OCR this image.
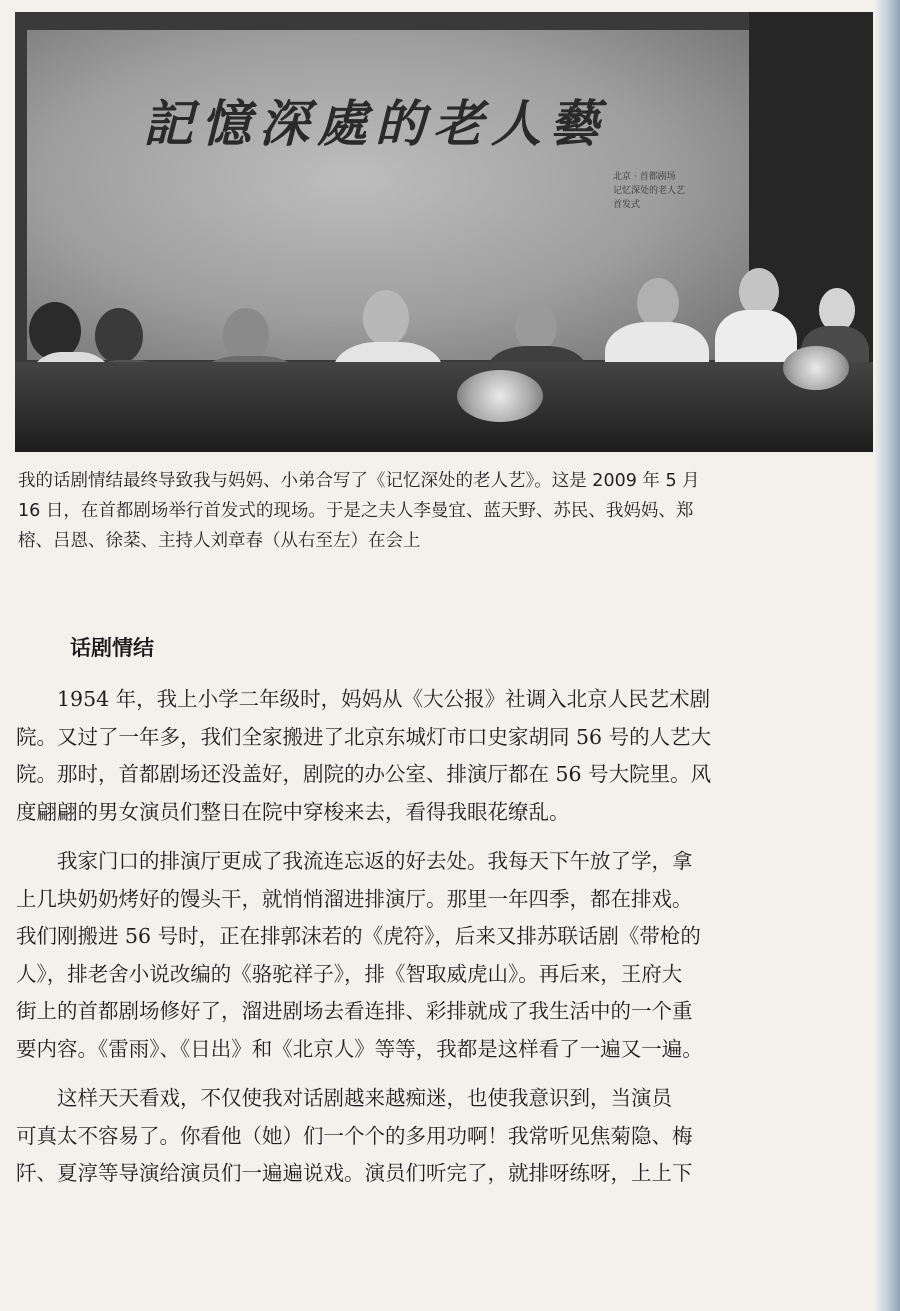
記憶深處的老人藝
北京 · 首都剧场
记忆深处的老人艺
首发式

我的话剧情结最终导致我与妈妈、小弟合写了《记忆深处的老人艺》。这是 2009 年 5 月

16 日，在首都剧场举行首发式的现场。于是之夫人李曼宜、蓝天野、苏民、我妈妈、郑

榕、吕恩、徐棻、主持人刘章春（从右至左）在会上

话剧情结
　　1954 年，我上小学二年级时，妈妈从《大公报》社调入北京人民艺术剧
院。又过了一年多，我们全家搬进了北京东城灯市口史家胡同 56 号的人艺大
院。那时，首都剧场还没盖好，剧院的办公室、排演厅都在 56 号大院里。风
度翩翩的男女演员们整日在院中穿梭来去，看得我眼花缭乱。
　　我家门口的排演厅更成了我流连忘返的好去处。我每天下午放了学，拿
上几块奶奶烤好的馒头干，就悄悄溜进排演厅。那里一年四季，都在排戏。
我们刚搬进 56 号时，正在排郭沫若的《虎符》，后来又排苏联话剧《带枪的
人》，排老舍小说改编的《骆驼祥子》，排《智取威虎山》。再后来，王府大
街上的首都剧场修好了，溜进剧场去看连排、彩排就成了我生活中的一个重
要内容。《雷雨》、《日出》和《北京人》等等，我都是这样看了一遍又一遍。
　　这样天天看戏，不仅使我对话剧越来越痴迷，也使我意识到，当演员
可真太不容易了。你看他（她）们一个个的多用功啊！我常听见焦菊隐、梅
阡、夏淳等导演给演员们一遍遍说戏。演员们听完了，就排呀练呀，上上下
